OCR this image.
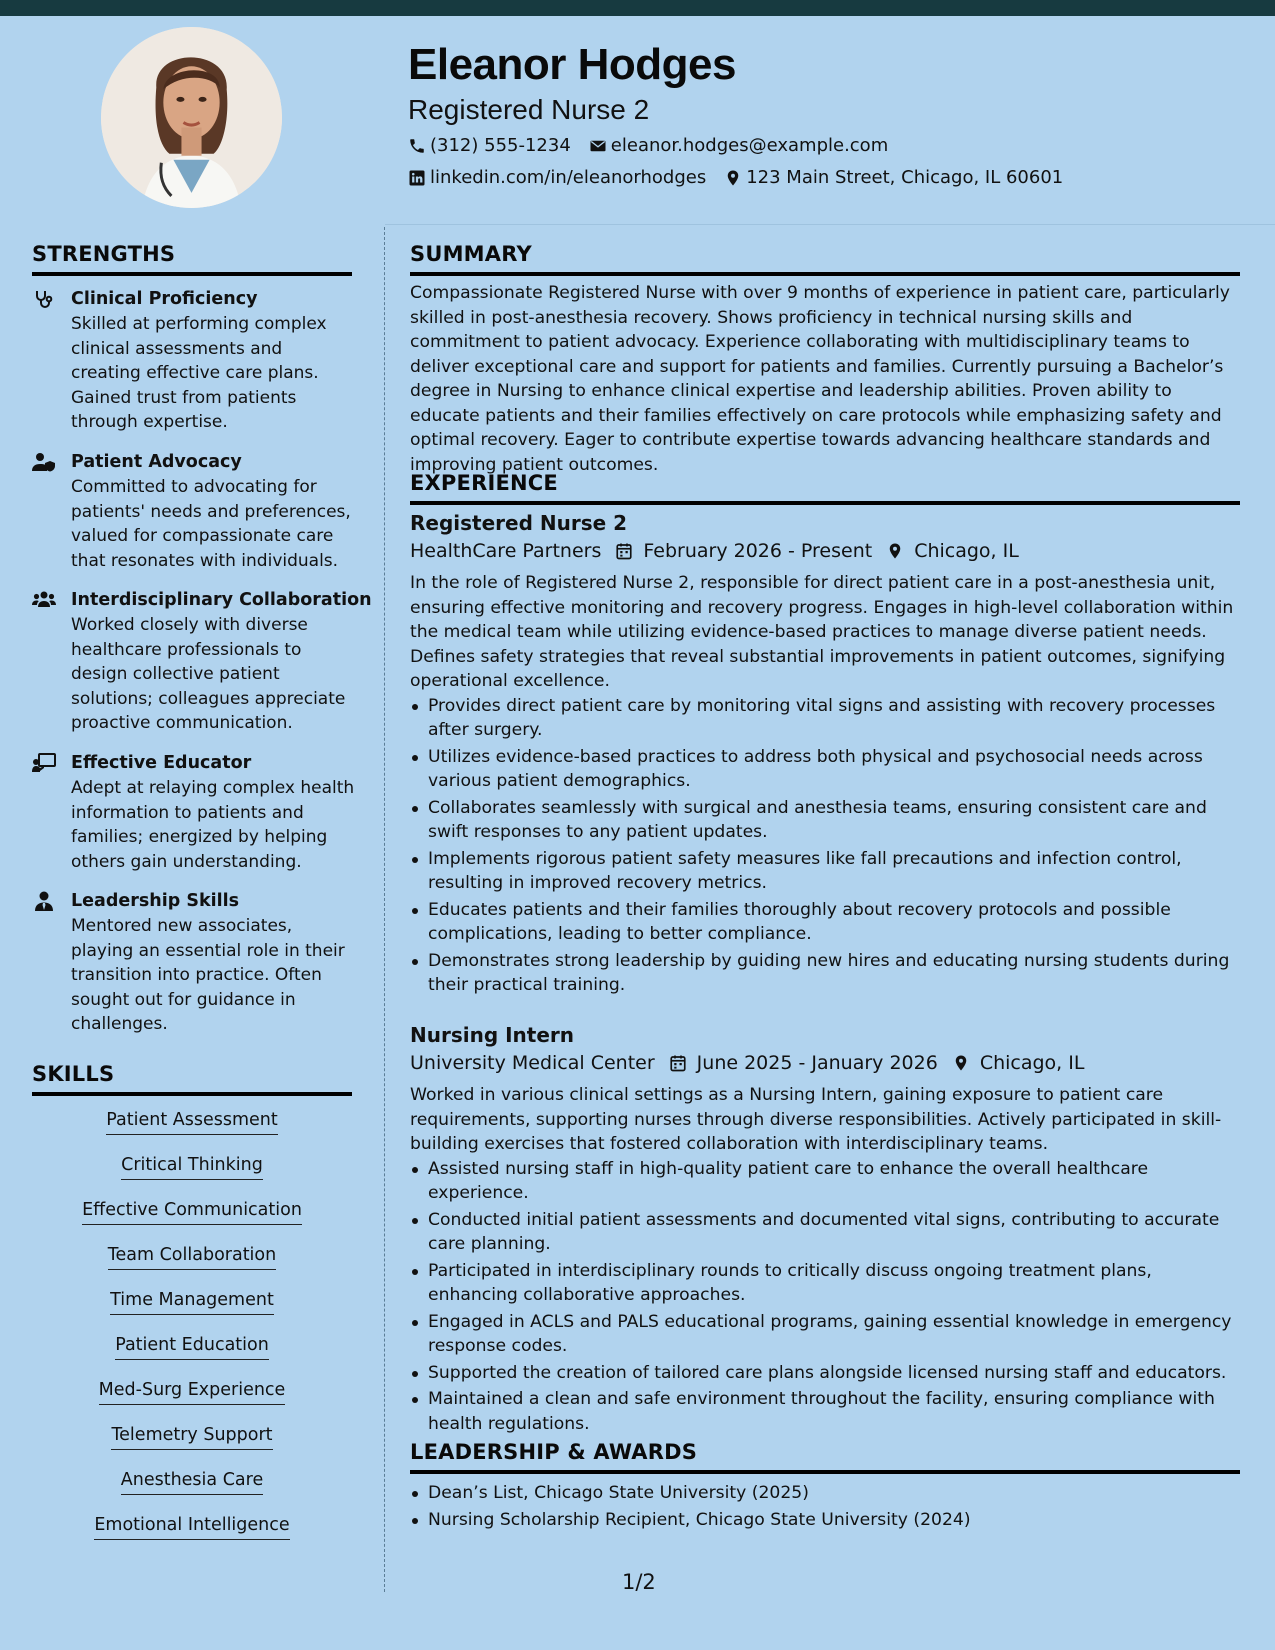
Eleanor Hodges
Registered Nurse 2
(312) 555-1234 eleanor.hodges@example.com
linkedin.com/in/eleanorhodges 123 Main Street, Chicago, IL 60601
STRENGTHS
Clinical Proficiency
Skilled at performing complex clinical assessments and creating effective care plans. Gained trust from patients through expertise.
Patient Advocacy
Committed to advocating for patients' needs and preferences, valued for compassionate care that resonates with individuals.
Interdisciplinary Collaboration
Worked closely with diverse healthcare professionals to design collective patient solutions; colleagues appreciate proactive communication.
Effective Educator
Adept at relaying complex health information to patients and families; energized by helping others gain understanding.
Leadership Skills
Mentored new associates, playing an essential role in their transition into practice. Often sought out for guidance in challenges.
SKILLS
Patient Assessment
Critical Thinking
Effective Communication
Team Collaboration
Time Management
Patient Education
Med-Surg Experience
Telemetry Support
Anesthesia Care
Emotional Intelligence
SUMMARY

Compassionate Registered Nurse with over 9 months of experience in patient care, particularly skilled in post-anesthesia recovery. Shows proficiency in technical nursing skills and commitment to patient advocacy. Experience collaborating with multidisciplinary teams to deliver exceptional care and support for patients and families. Currently pursuing a Bachelor’s degree in Nursing to enhance clinical expertise and leadership abilities. Proven ability to educate patients and their families effectively on care protocols while emphasizing safety and optimal recovery. Eager to contribute expertise towards advancing healthcare standards and improving patient outcomes.

EXPERIENCE
Registered Nurse 2
HealthCare Partners February 2026 - Present Chicago, IL

In the role of Registered Nurse 2, responsible for direct patient care in a post-anesthesia unit, ensuring effective monitoring and recovery progress. Engages in high-level collaboration within the medical team while utilizing evidence-based practices to manage diverse patient needs. Defines safety strategies that reveal substantial improvements in patient outcomes, signifying operational excellence.

Provides direct patient care by monitoring vital signs and assisting with recovery processes after surgery.
Utilizes evidence-based practices to address both physical and psychosocial needs across various patient demographics.
Collaborates seamlessly with surgical and anesthesia teams, ensuring consistent care and swift responses to any patient updates.
Implements rigorous patient safety measures like fall precautions and infection control, resulting in improved recovery metrics.
Educates patients and their families thoroughly about recovery protocols and possible complications, leading to better compliance.
Demonstrates strong leadership by guiding new hires and educating nursing students during their practical training.
Nursing Intern
University Medical Center June 2025 - January 2026 Chicago, IL

Worked in various clinical settings as a Nursing Intern, gaining exposure to patient care requirements, supporting nurses through diverse responsibilities. Actively participated in skill-building exercises that fostered collaboration with interdisciplinary teams.

Assisted nursing staff in high-quality patient care to enhance the overall healthcare experience.
Conducted initial patient assessments and documented vital signs, contributing to accurate care planning.
Participated in interdisciplinary rounds to critically discuss ongoing treatment plans, enhancing collaborative approaches.
Engaged in ACLS and PALS educational programs, gaining essential knowledge in emergency response codes.
Supported the creation of tailored care plans alongside licensed nursing staff and educators.
Maintained a clean and safe environment throughout the facility, ensuring compliance with health regulations.
LEADERSHIP & AWARDS
Dean’s List, Chicago State University (2025)
Nursing Scholarship Recipient, Chicago State University (2024)
1/2
